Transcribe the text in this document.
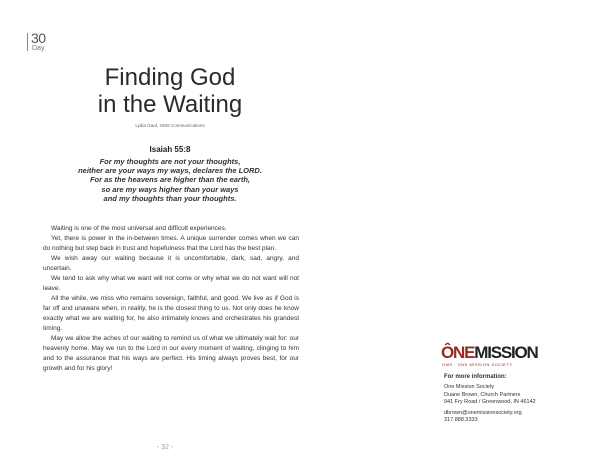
30
Day
Finding God
in the Waiting
Lydia Gard, OMS Communications
Isaiah 55:8
For my thoughts are not your thoughts,
neither are your ways my ways, declares the LORD.
For as the heavens are higher than the earth,
so are my ways higher than your ways
and my thoughts than your thoughts.

Waiting is one of the most universal and difficult experiences.

Yet, there is power in the in-between times. A unique surrender comes when we can do nothing but step back in trust and hopefulness that the Lord has the best plan.

We wish away our waiting because it is uncomfortable, dark, sad, angry, and uncertain.

We tend to ask why what we want will not come or why what we do not want will not leave.

All the while, we miss who remains sovereign, faithful, and good. We live as if God is far off and unaware when, in reality, he is the closest thing to us. Not only does he know exactly what we are waiting for, he also intimately knows and orchestrates his grandest timing.

May we allow the aches of our waiting to remind us of what we ultimately wait for: our heavenly home. May we run to the Lord in our every moment of waiting, clinging to him and to the assurance that his ways are perfect. His timing always proves best, for our growth and for his glory!

- 32 -
ÔNEMISSION
OMS · ONE MISSION SOCIETY
For more information:
One Mission Society
Duane Brown, Church Partners
941 Fry Road / Greenwood, IN 46142
dbrown@onemissionsociety.org
317.888.3333
